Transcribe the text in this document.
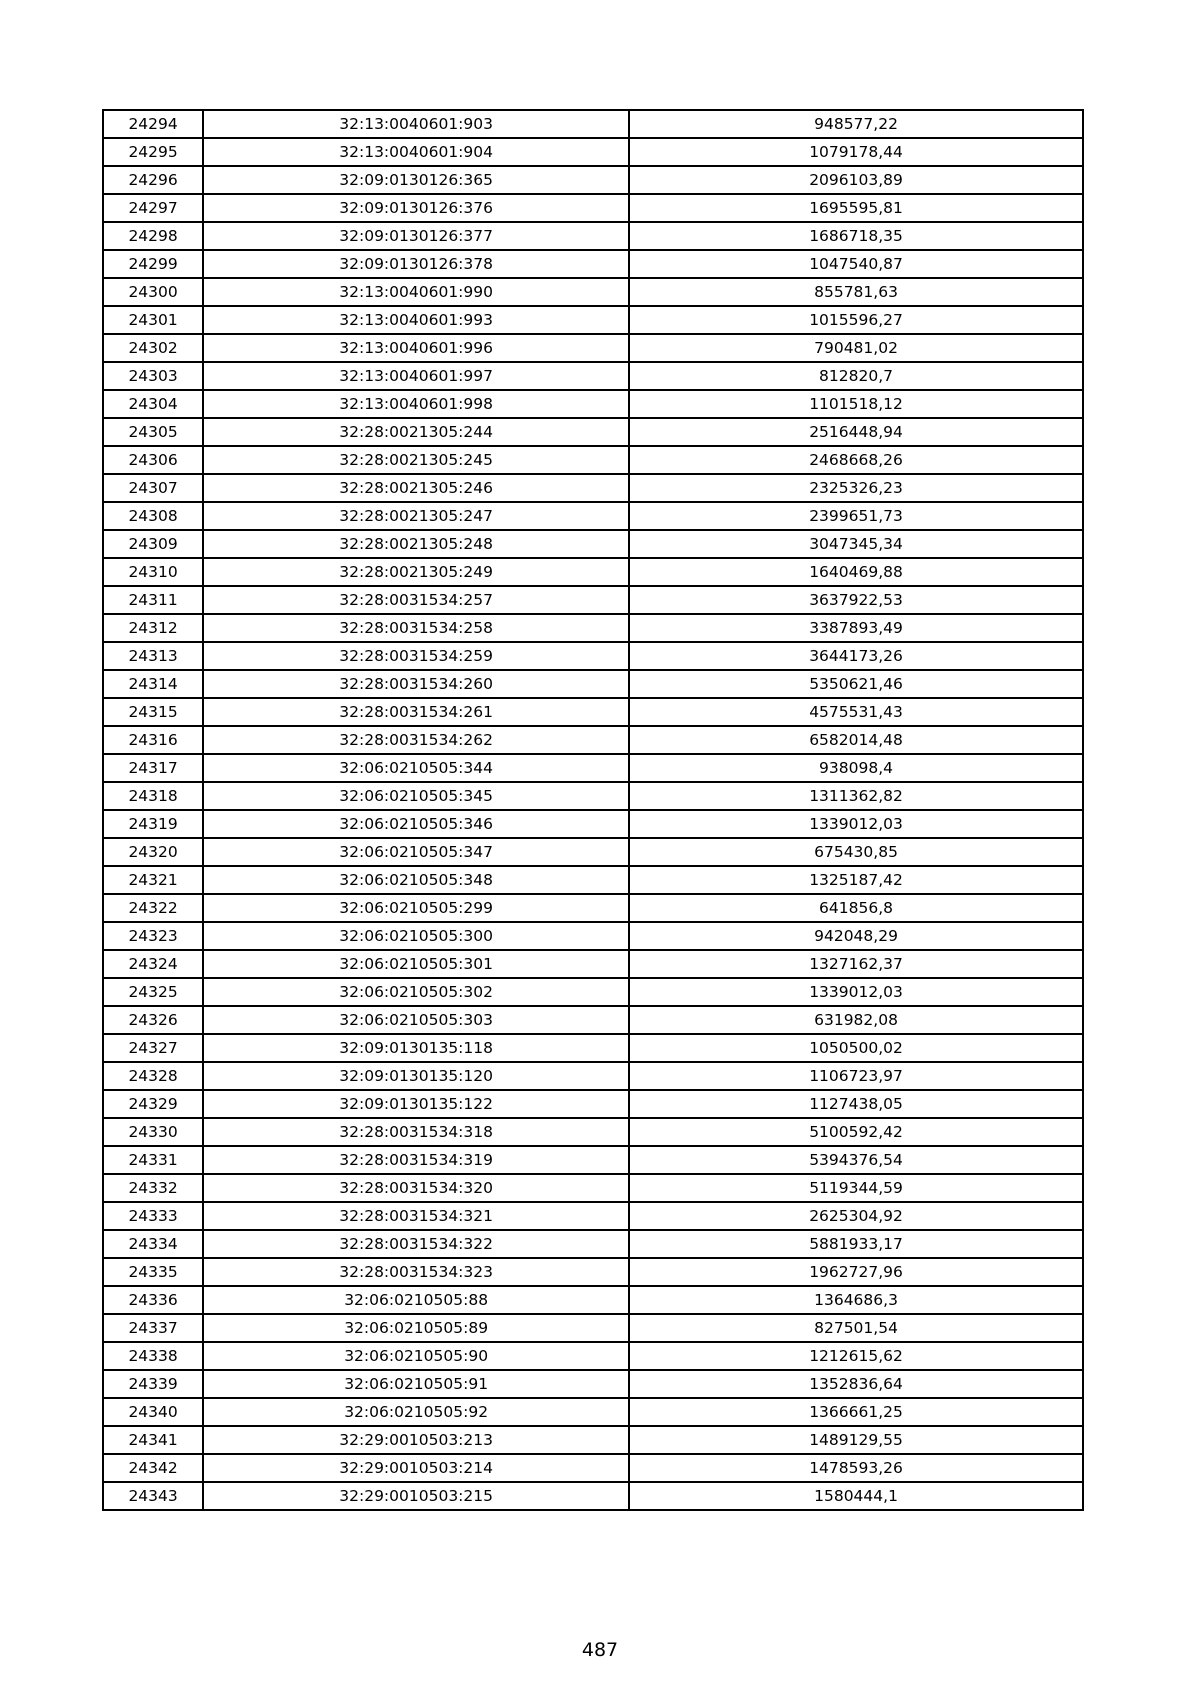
24294	32:13:0040601:903	948577,22
24295	32:13:0040601:904	1079178,44
24296	32:09:0130126:365	2096103,89
24297	32:09:0130126:376	1695595,81
24298	32:09:0130126:377	1686718,35
24299	32:09:0130126:378	1047540,87
24300	32:13:0040601:990	855781,63
24301	32:13:0040601:993	1015596,27
24302	32:13:0040601:996	790481,02
24303	32:13:0040601:997	812820,7
24304	32:13:0040601:998	1101518,12
24305	32:28:0021305:244	2516448,94
24306	32:28:0021305:245	2468668,26
24307	32:28:0021305:246	2325326,23
24308	32:28:0021305:247	2399651,73
24309	32:28:0021305:248	3047345,34
24310	32:28:0021305:249	1640469,88
24311	32:28:0031534:257	3637922,53
24312	32:28:0031534:258	3387893,49
24313	32:28:0031534:259	3644173,26
24314	32:28:0031534:260	5350621,46
24315	32:28:0031534:261	4575531,43
24316	32:28:0031534:262	6582014,48
24317	32:06:0210505:344	938098,4
24318	32:06:0210505:345	1311362,82
24319	32:06:0210505:346	1339012,03
24320	32:06:0210505:347	675430,85
24321	32:06:0210505:348	1325187,42
24322	32:06:0210505:299	641856,8
24323	32:06:0210505:300	942048,29
24324	32:06:0210505:301	1327162,37
24325	32:06:0210505:302	1339012,03
24326	32:06:0210505:303	631982,08
24327	32:09:0130135:118	1050500,02
24328	32:09:0130135:120	1106723,97
24329	32:09:0130135:122	1127438,05
24330	32:28:0031534:318	5100592,42
24331	32:28:0031534:319	5394376,54
24332	32:28:0031534:320	5119344,59
24333	32:28:0031534:321	2625304,92
24334	32:28:0031534:322	5881933,17
24335	32:28:0031534:323	1962727,96
24336	32:06:0210505:88	1364686,3
24337	32:06:0210505:89	827501,54
24338	32:06:0210505:90	1212615,62
24339	32:06:0210505:91	1352836,64
24340	32:06:0210505:92	1366661,25
24341	32:29:0010503:213	1489129,55
24342	32:29:0010503:214	1478593,26
24343	32:29:0010503:215	1580444,1
487
